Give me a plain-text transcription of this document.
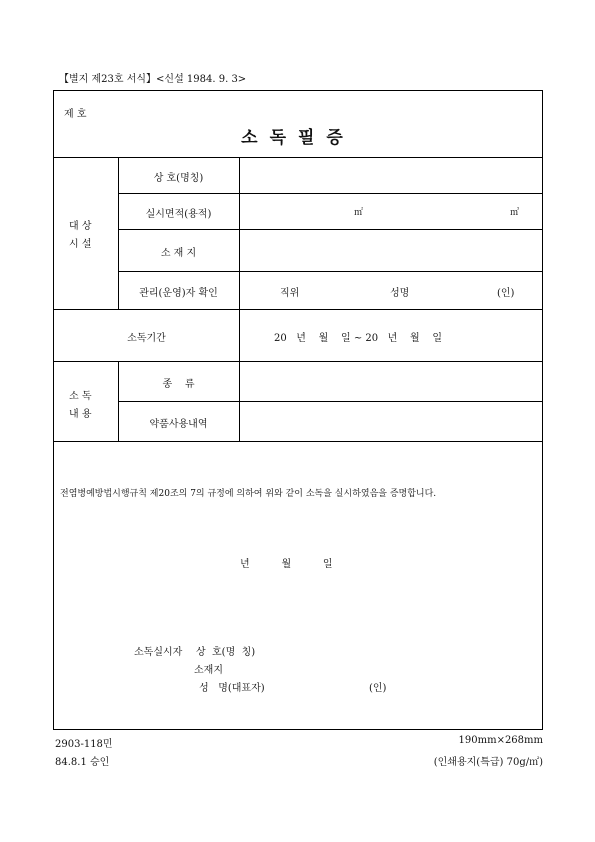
【별지 제23호 서식】<신설 1984. 9. 3>
제 호
소독필증
대 상
시 설
상 호(명칭)
실시면적(용적)	㎡	㎥
소 재 지
관리(운영)자 확인	직위	성명	(인)
소독기간	20   년    월    일 ~ 20   년    월    일
소 독
내 용
종    류
약품사용내역
전염병예방법시행규칙 제20조의 7의 규정에 의하여 위와 같이 소독을 실시하였음을 증명합니다.
년          월          일
소독실시자 상  호(명  칭)
소재지
성   명(대표자)	(인)
2903-118민
84.8.1 승인
190mm×268mm
(인쇄용지(특급) 70g/㎡)
